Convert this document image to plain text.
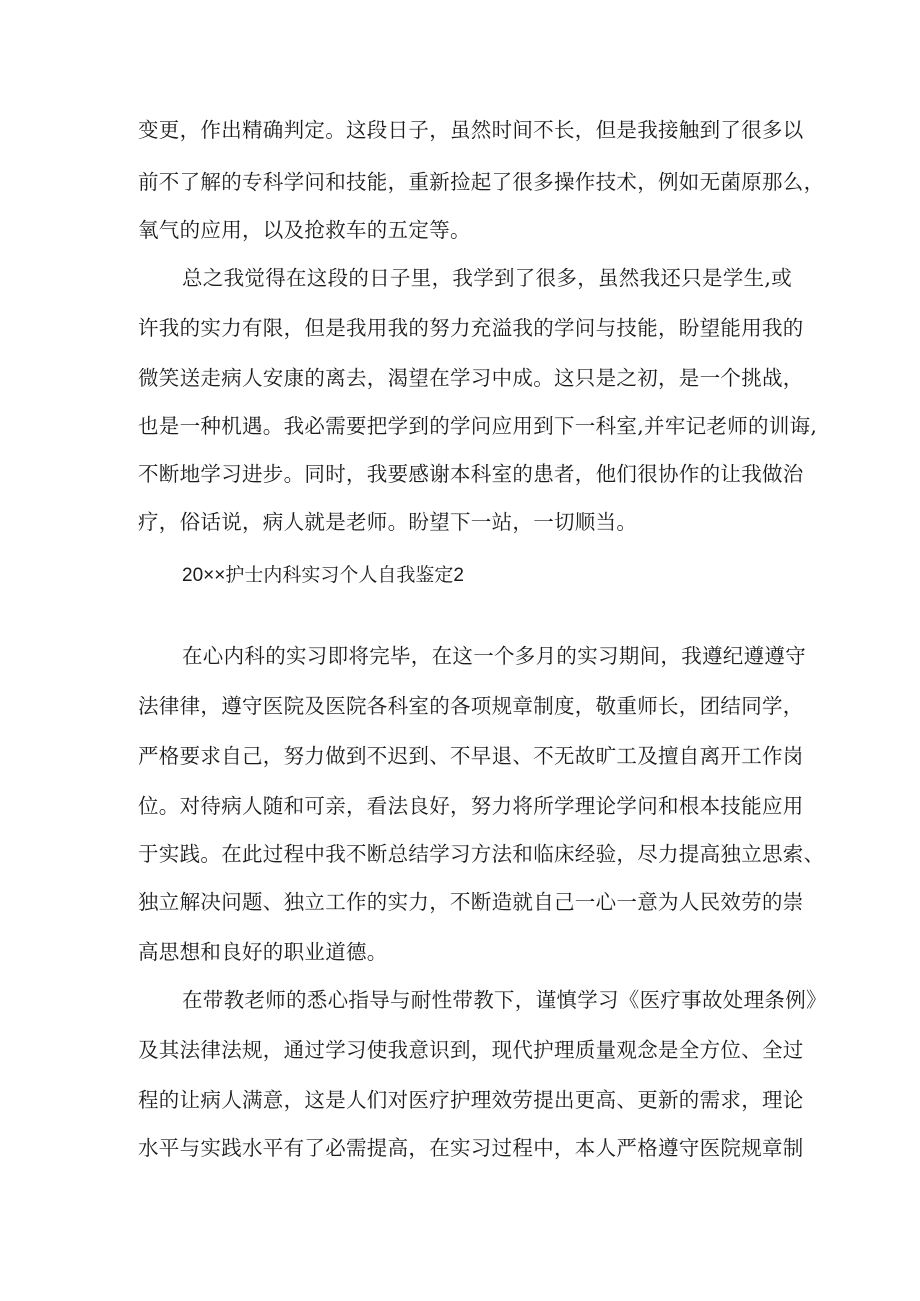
变更，作出精确判定。这段日子，虽然时间不长，但是我接触到了很多以
前不了解的专科学问和技能，重新捡起了很多操作技术，例如无菌原那么，
氧气的应用，以及抢救车的五定等。
总之我觉得在这段的日子里，我学到了很多，虽然我还只是学生,或
许我的实力有限，但是我用我的努力充溢我的学问与技能，盼望能用我的
微笑送走病人安康的离去，渴望在学习中成。这只是之初，是一个挑战，
也是一种机遇。我必需要把学到的学问应用到下一科室,并牢记老师的训诲,
不断地学习进步。同时，我要感谢本科室的患者，他们很协作的让我做治
疗，俗话说，病人就是老师。盼望下一站，一切顺当。
20××护士内科实习个人自我鉴定2
在心内科的实习即将完毕，在这一个多月的实习期间，我遵纪遵遵守
法律律，遵守医院及医院各科室的各项规章制度，敬重师长，团结同学，
严格要求自己，努力做到不迟到、不早退、不无故旷工及擅自离开工作岗
位。对待病人随和可亲，看法良好，努力将所学理论学问和根本技能应用
于实践。在此过程中我不断总结学习方法和临床经验，尽力提高独立思索、
独立解决问题、独立工作的实力，不断造就自己一心一意为人民效劳的崇
高思想和良好的职业道德。
在带教老师的悉心指导与耐性带教下，谨慎学习《医疗事故处理条例》
及其法律法规，通过学习使我意识到，现代护理质量观念是全方位、全过
程的让病人满意，这是人们对医疗护理效劳提出更高、更新的需求，理论
水平与实践水平有了必需提高，在实习过程中，本人严格遵守医院规章制
